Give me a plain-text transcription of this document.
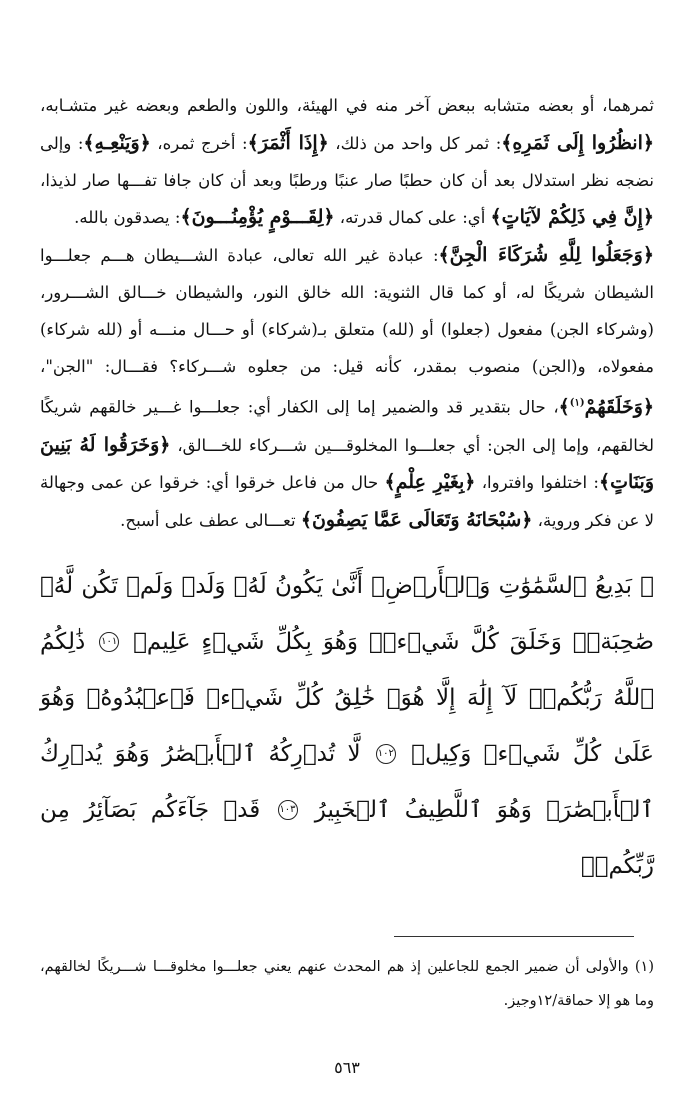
ثمرهما، أو بعضه متشابه ببعض آخر منه في الهيئة، واللون والطعم وبعضه غير متشـابه، ﴿انظُرُوا إِلَى ثَمَرِهِ﴾: ثمر كل واحد من ذلك، ﴿إِذَا أَثْمَرَ﴾: أخرج ثمره، ﴿وَيَنْعِـهِ﴾: وإلى نضجه نظر استدلال بعد أن كان حطبًا صار عنبًا ورطبًا وبعد أن كان جافا تفـــها صار لذيذا، ﴿إِنَّ فِي ذَلِكُمْ لآيَاتٍ﴾ أي: على كمال قدرته، ﴿لِقَـــوْمٍ يُؤْمِنُـــونَ﴾: يصدقون بالله.
﴿وَجَعَلُوا لِلَّهِ شُرَكَاءَ الْجِنَّ﴾: عبادة غير الله تعالى، عبادة الشـــيطان هـــم جعلـــوا الشيطان شريكًا له، أو كما قال الثنوية: الله خالق النور، والشيطان خـــالق الشـــرور، (وشركاء الجن) مفعول (جعلوا) أو (لله) متعلق بـ(شركاء) أو حـــال منـــه أو (لله شركاء) مفعولاه، و(الجن) منصوب بمقدر، كأنه قيل: من جعلوه شـــركاء؟ فقـــال: "الجن"، ﴿وَخَلَقَهُمْ$^{(١)}$﴾، حال بتقدير قد والضمير إما إلى الكفار أي: جعلـــوا غـــير خالقهم شريكًا لخالقهم، وإما إلى الجن: أي جعلـــوا المخلوقـــين شـــركاء للخـــالق، ﴿وَخَرَقُوا لَهُ بَنِينَ وَبَنَاتٍ﴾: اختلفوا وافتروا، ﴿بِغَيْرِ عِلْمٍ﴾ حال من فاعل خرقوا أي: خرقوا عن عمى وجهالة لا عن فكر وروية، ﴿سُبْحَانَهُ وَتَعَالَى عَمَّا يَصِفُونَ﴾ تعـــالى عطف على أسبح.

﴿ بَدِيعُ ٱلسَّمَٰوَٰتِ وَٱلۡأَرۡضِۖ أَنَّىٰ يَكُونُ لَهُۥ وَلَدٞ وَلَمۡ تَكُن لَّهُۥ صَٰحِبَةٞۖ وَخَلَقَ كُلَّ شَيۡءٖۖ وَهُوَ بِكُلِّ شَيۡءٍ عَلِيمٞ ١٠١ ذَٰلِكُمُ ٱللَّهُ رَبُّكُمۡۖ لَآ إِلَٰهَ إِلَّا هُوَۖ خَٰلِقُ كُلِّ شَيۡءٖ فَٱعۡبُدُوهُۚ وَهُوَ عَلَىٰ كُلِّ شَيۡءٖ وَكِيلٞ ١٠٢ لَّا تُدۡرِكُهُ ٱلۡأَبۡصَٰرُ وَهُوَ يُدۡرِكُ ٱلۡأَبۡصَٰرَۖ وَهُوَ ٱللَّطِيفُ ٱلۡخَبِيرُ ١٠٣ قَدۡ جَآءَكُم بَصَآئِرُ مِن رَّبِّكُمۡۖ
(١) والأولى أن ضمير الجمع للجاعلين إذ هم المحدث عنهم يعني جعلـــوا مخلوقـــا شـــريكًا لخالقهم، وما هو إلا حماقة/١٢وجيز.
٥٦٣
